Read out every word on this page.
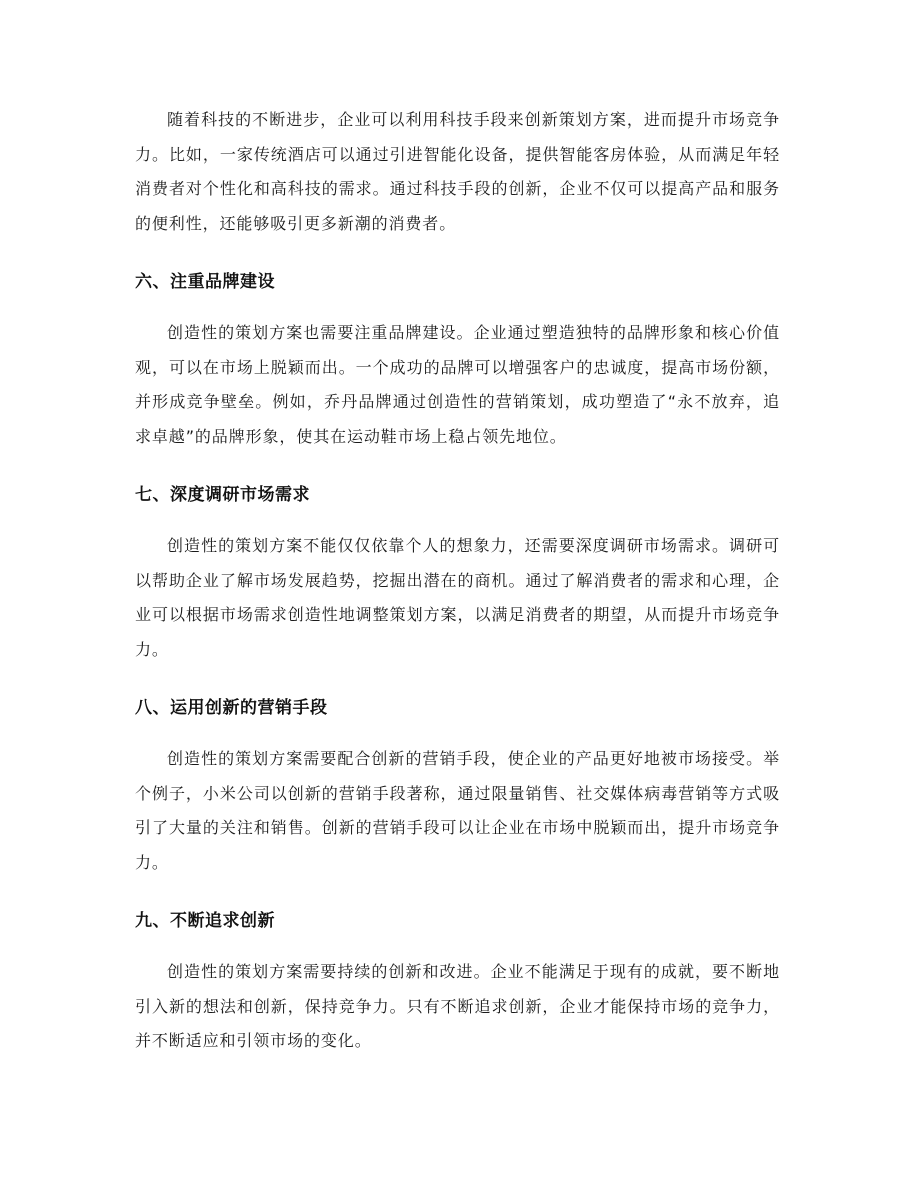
随着科技的不断进步，企业可以利用科技手段来创新策划方案，进而提升市场竞争力。比如，一家传统酒店可以通过引进智能化设备，提供智能客房体验，从而满足年轻消费者对个性化和高科技的需求。通过科技手段的创新，企业不仅可以提高产品和服务的便利性，还能够吸引更多新潮的消费者。

六、注重品牌建设

创造性的策划方案也需要注重品牌建设。企业通过塑造独特的品牌形象和核心价值观，可以在市场上脱颖而出。一个成功的品牌可以增强客户的忠诚度，提高市场份额，并形成竞争壁垒。例如，乔丹品牌通过创造性的营销策划，成功塑造了“永不放弃，追求卓越”的品牌形象，使其在运动鞋市场上稳占领先地位。

七、深度调研市场需求

创造性的策划方案不能仅仅依靠个人的想象力，还需要深度调研市场需求。调研可以帮助企业了解市场发展趋势，挖掘出潜在的商机。通过了解消费者的需求和心理，企业可以根据市场需求创造性地调整策划方案，以满足消费者的期望，从而提升市场竞争力。

八、运用创新的营销手段

创造性的策划方案需要配合创新的营销手段，使企业的产品更好地被市场接受。举个例子，小米公司以创新的营销手段著称，通过限量销售、社交媒体病毒营销等方式吸引了大量的关注和销售。创新的营销手段可以让企业在市场中脱颖而出，提升市场竞争力。

九、不断追求创新

创造性的策划方案需要持续的创新和改进。企业不能满足于现有的成就，要不断地引入新的想法和创新，保持竞争力。只有不断追求创新，企业才能保持市场的竞争力，并不断适应和引领市场的变化。
